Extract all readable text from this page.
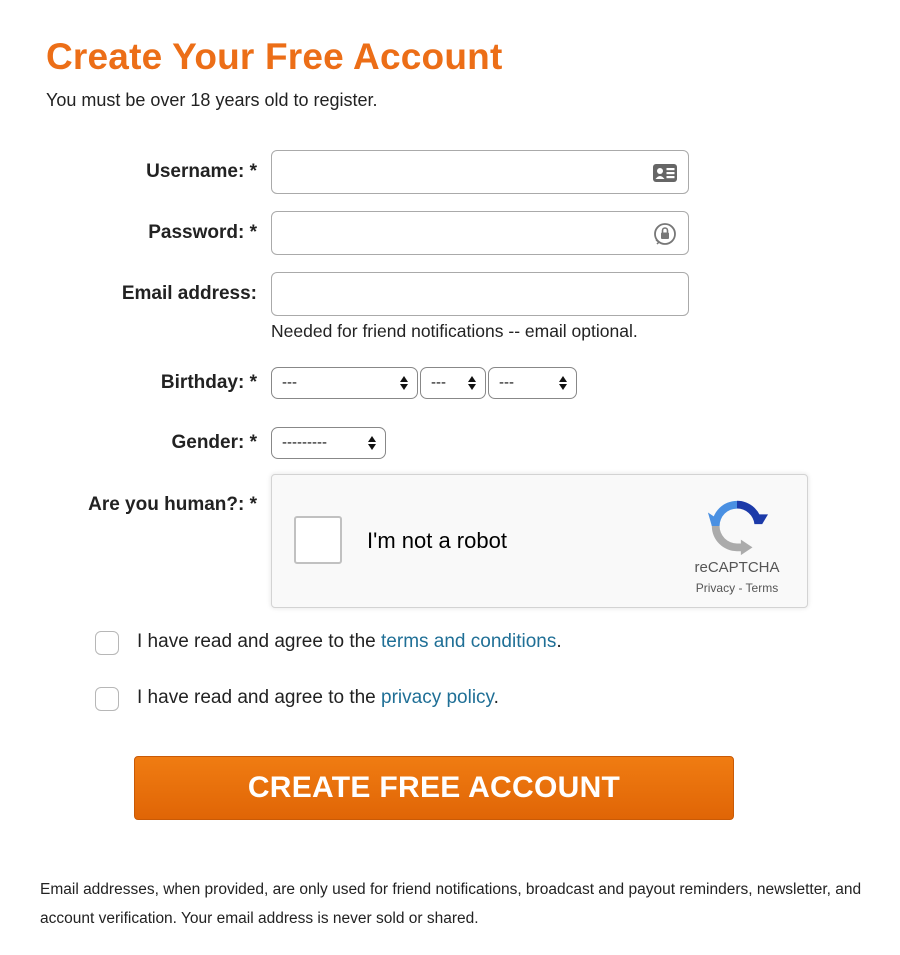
Create Your Free Account
You must be over 18 years old to register.
Username: *
Password: *
Email address:
Needed for friend notifications -- email optional.
Birthday: *	---	---	---
Gender: *	---------
Are you human?: *
I'm not a robot
reCAPTCHA
Privacy - Terms
I have read and agree to the terms and conditions.
I have read and agree to the privacy policy.
CREATE FREE ACCOUNT
Email addresses, when provided, are only used for friend notifications, broadcast and payout reminders, newsletter, and account verification. Your email address is never sold or shared.
